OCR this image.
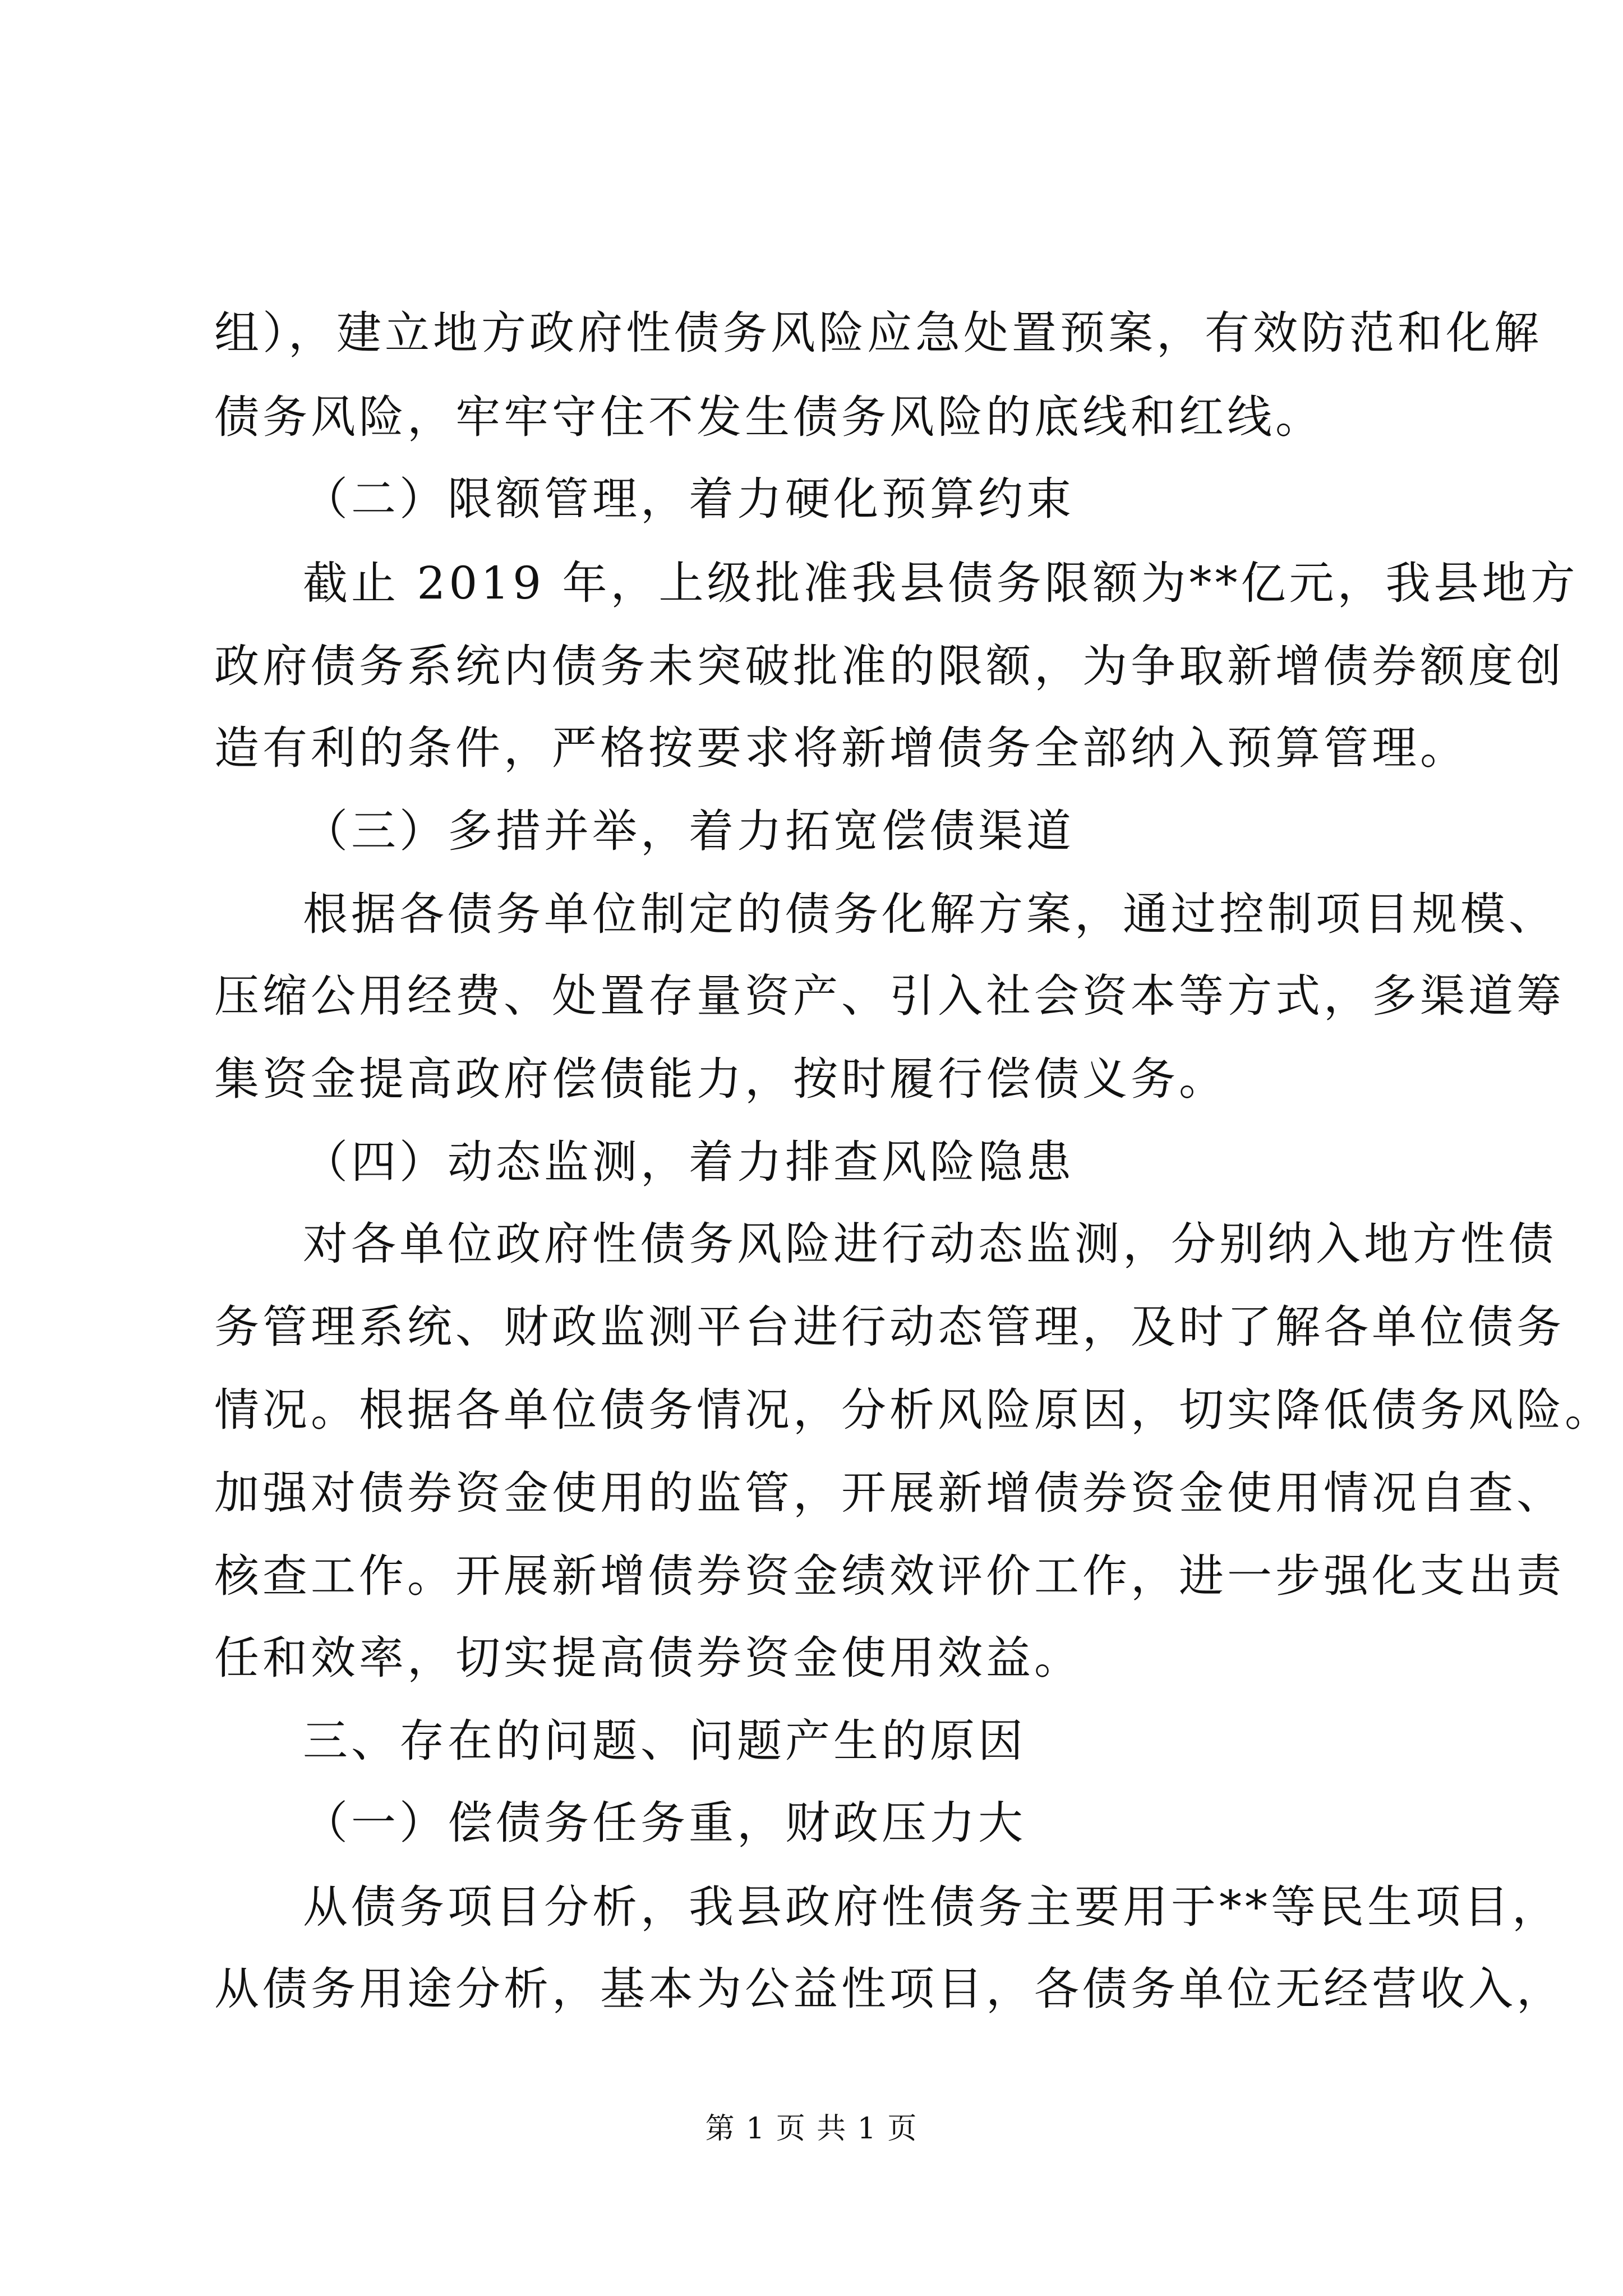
组），建立地方政府性债务风险应急处置预案，有效防范和化解
债务风险，牢牢守住不发生债务风险的底线和红线。
（二）限额管理，着力硬化预算约束
截止 2019 年，上级批准我县债务限额为**亿元，我县地方
政府债务系统内债务未突破批准的限额，为争取新增债券额度创
造有利的条件，严格按要求将新增债务全部纳入预算管理。
（三）多措并举，着力拓宽偿债渠道
根据各债务单位制定的债务化解方案，通过控制项目规模、
压缩公用经费、处置存量资产、引入社会资本等方式，多渠道筹
集资金提高政府偿债能力，按时履行偿债义务。
（四）动态监测，着力排查风险隐患
对各单位政府性债务风险进行动态监测，分别纳入地方性债
务管理系统、财政监测平台进行动态管理，及时了解各单位债务
情况。根据各单位债务情况，分析风险原因，切实降低债务风险。
加强对债券资金使用的监管，开展新增债券资金使用情况自查、
核查工作。开展新增债券资金绩效评价工作，进一步强化支出责
任和效率，切实提高债券资金使用效益。
三、存在的问题、问题产生的原因
（一）偿债务任务重，财政压力大
从债务项目分析，我县政府性债务主要用于**等民生项目，
从债务用途分析，基本为公益性项目，各债务单位无经营收入，
第 1 页 共 1 页
